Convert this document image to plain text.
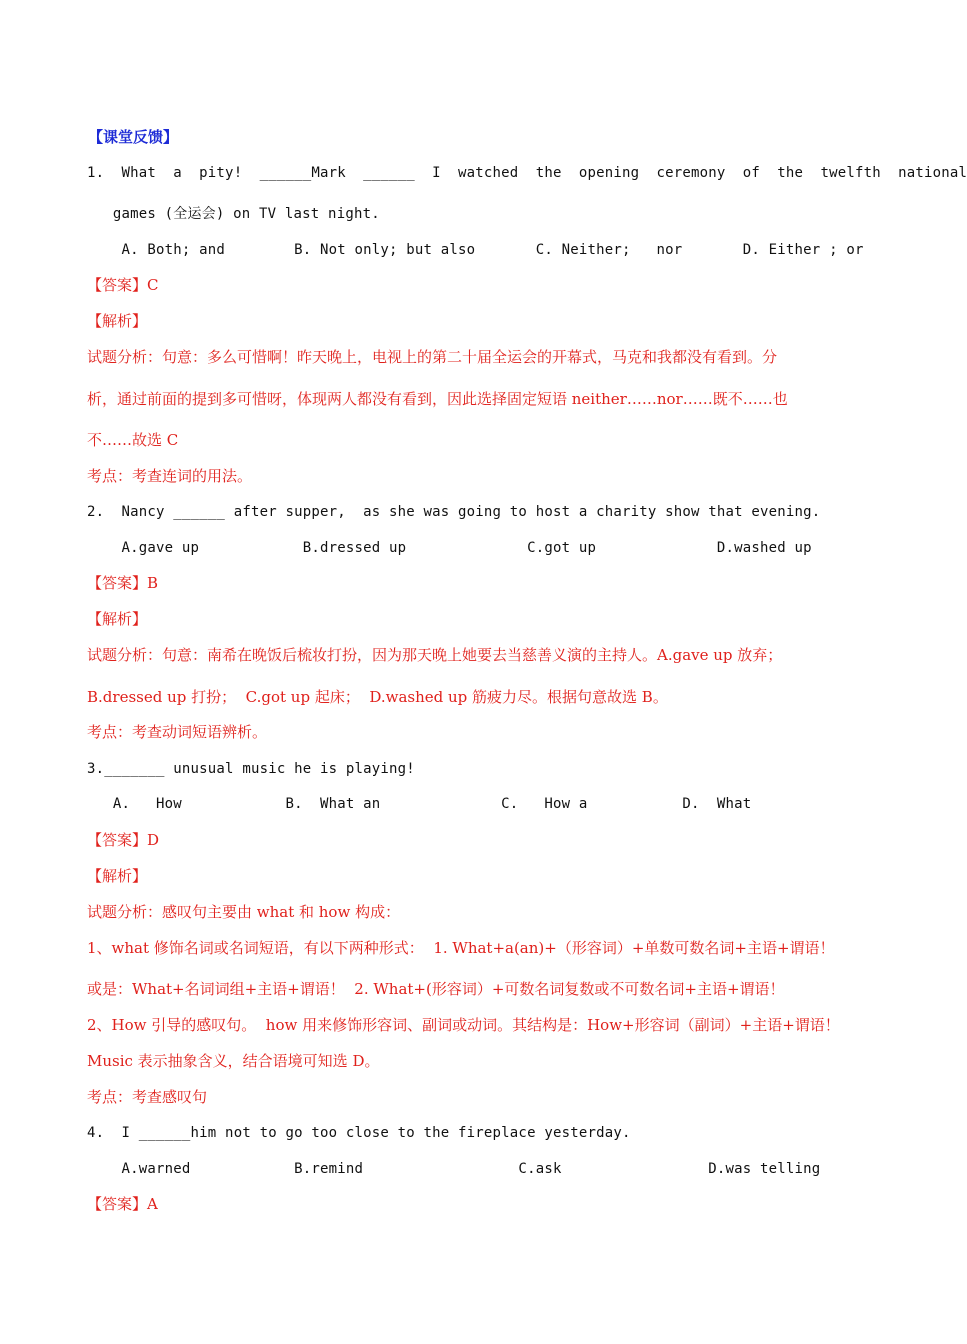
【课堂反馈】
1.  What  a  pity!  ______Mark  ______  I  watched  the  opening  ceremony  of  the  twelfth  national
games (全运会) on TV last night.
A. Both; and        B. Not only; but also       C. Neither;   nor       D. Either ; or
【答案】C
【解析】
试题分析：句意：多么可惜啊！昨天晚上，电视上的第二十届全运会的开幕式，马克和我都没有看到。分
析，通过前面的提到多可惜呀，体现两人都没有看到，因此选择固定短语 neither……nor……既不……也
不……故选 C
考点：考查连词的用法。
2.  Nancy ______ after supper,  as she was going to host a charity show that evening.
A.gave up            B.dressed up              C.got up              D.washed up
【答案】B
【解析】
试题分析：句意：南希在晚饭后梳妆打扮，因为那天晚上她要去当慈善义演的主持人。A.gave up 放弃；
B.dressed up 打扮；  C.got up 起床；  D.washed up 筋疲力尽。根据句意故选 B。
考点：考查动词短语辨析。
3._______ unusual music he is playing!
A.   How            B.  What an              C.   How a           D.  What
【答案】D
【解析】
试题分析：感叹句主要由 what 和 how 构成：
1、what 修饰名词或名词短语，有以下两种形式：  1. What+a(an)+（形容词）+单数可数名词+主语+谓语！
或是：What+名词词组+主语+谓语！  2. What+(形容词）+可数名词复数或不可数名词+主语+谓语！
2、How 引导的感叹句。  how 用来修饰形容词、副词或动词。其结构是：How+形容词（副词）+主语+谓语！
Music 表示抽象含义，结合语境可知选 D。
考点：考查感叹句
4.  I ______him not to go too close to the fireplace yesterday.
A.warned            B.remind                  C.ask                 D.was telling
【答案】A
